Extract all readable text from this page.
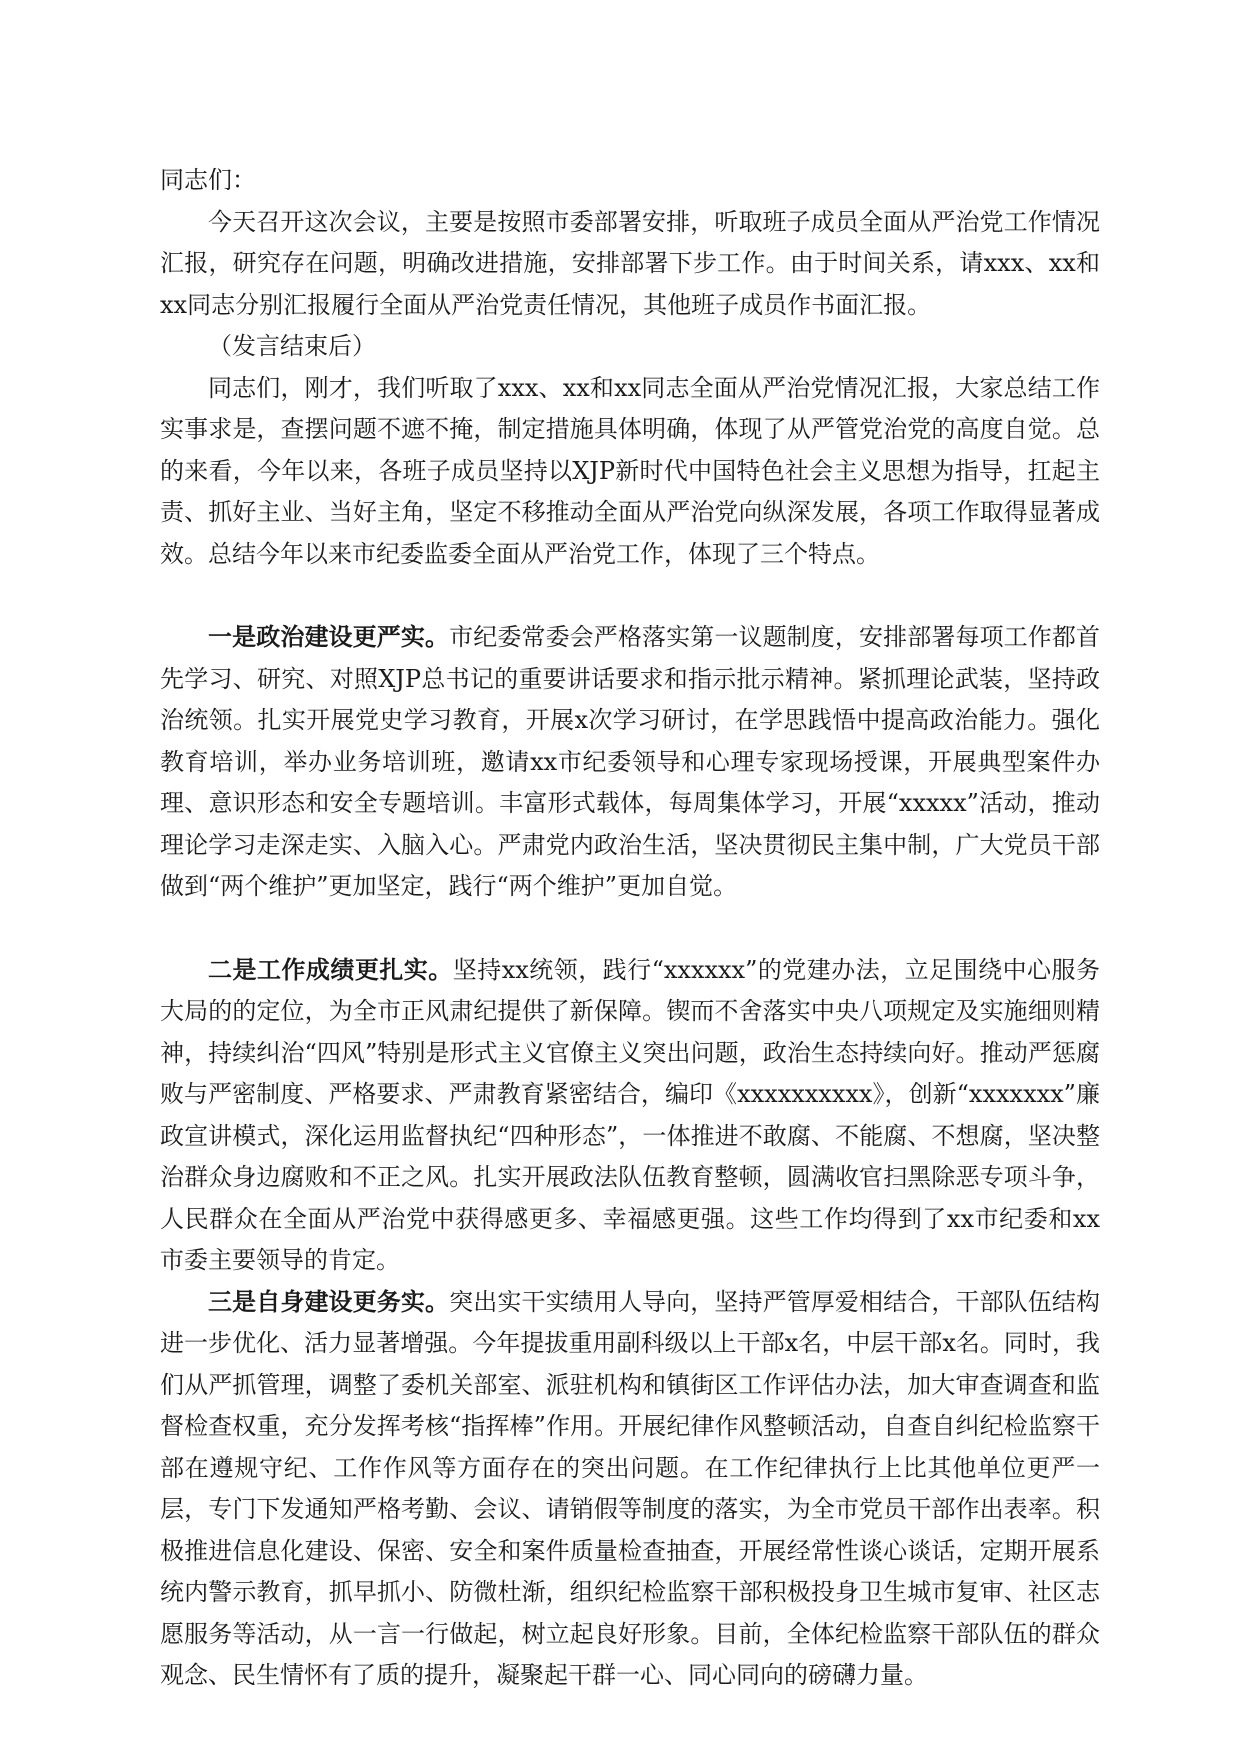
同志们：

今天召开这次会议，主要是按照市委部署安排，听取班子成员全面从严治党工作情况汇报，研究存在问题，明确改进措施，安排部署下步工作。由于时间关系，请xxx、xx和xx同志分别汇报履行全面从严治党责任情况，其他班子成员作书面汇报。

（发言结束后）

同志们，刚才，我们听取了xxx、xx和xx同志全面从严治党情况汇报，大家总结工作实事求是，查摆问题不遮不掩，制定措施具体明确，体现了从严管党治党的高度自觉。总的来看，今年以来，各班子成员坚持以XJP新时代中国特色社会主义思想为指导，扛起主责、抓好主业、当好主角，坚定不移推动全面从严治党向纵深发展，各项工作取得显著成效。总结今年以来市纪委监委全面从严治党工作，体现了三个特点。

一是政治建设更严实。市纪委常委会严格落实第一议题制度，安排部署每项工作都首先学习、研究、对照XJP总书记的重要讲话要求和指示批示精神。紧抓理论武装，坚持政治统领。扎实开展党史学习教育，开展x次学习研讨，在学思践悟中提高政治能力。强化教育培训，举办业务培训班，邀请xx市纪委领导和心理专家现场授课，开展典型案件办理、意识形态和安全专题培训。丰富形式载体，每周集体学习，开展“xxxxx”活动，推动理论学习走深走实、入脑入心。严肃党内政治生活，坚决贯彻民主集中制，广大党员干部做到“两个维护”更加坚定，践行“两个维护”更加自觉。

二是工作成绩更扎实。坚持xx统领，践行“xxxxxx”的党建办法，立足围绕中心服务大局的的定位，为全市正风肃纪提供了新保障。锲而不舍落实中央八项规定及实施细则精神，持续纠治“四风”特别是形式主义官僚主义突出问题，政治生态持续向好。推动严惩腐败与严密制度、严格要求、严肃教育紧密结合，编印《xxxxxxxxxx》，创新“xxxxxxx”廉政宣讲模式，深化运用监督执纪“四种形态”，一体推进不敢腐、不能腐、不想腐，坚决整治群众身边腐败和不正之风。扎实开展政法队伍教育整顿，圆满收官扫黑除恶专项斗争，人民群众在全面从严治党中获得感更多、幸福感更强。这些工作均得到了xx市纪委和xx市委主要领导的肯定。

三是自身建设更务实。突出实干实绩用人导向，坚持严管厚爱相结合，干部队伍结构进一步优化、活力显著增强。今年提拔重用副科级以上干部x名，中层干部x名。同时，我们从严抓管理，调整了委机关部室、派驻机构和镇街区工作评估办法，加大审查调查和监督检查权重，充分发挥考核“指挥棒”作用。开展纪律作风整顿活动，自查自纠纪检监察干部在遵规守纪、工作作风等方面存在的突出问题。在工作纪律执行上比其他单位更严一层，专门下发通知严格考勤、会议、请销假等制度的落实，为全市党员干部作出表率。积极推进信息化建设、保密、安全和案件质量检查抽查，开展经常性谈心谈话，定期开展系统内警示教育，抓早抓小、防微杜渐，组织纪检监察干部积极投身卫生城市复审、社区志愿服务等活动，从一言一行做起，树立起良好形象。目前，全体纪检监察干部队伍的群众观念、民生情怀有了质的提升，凝聚起干群一心、同心同向的磅礴力量。
